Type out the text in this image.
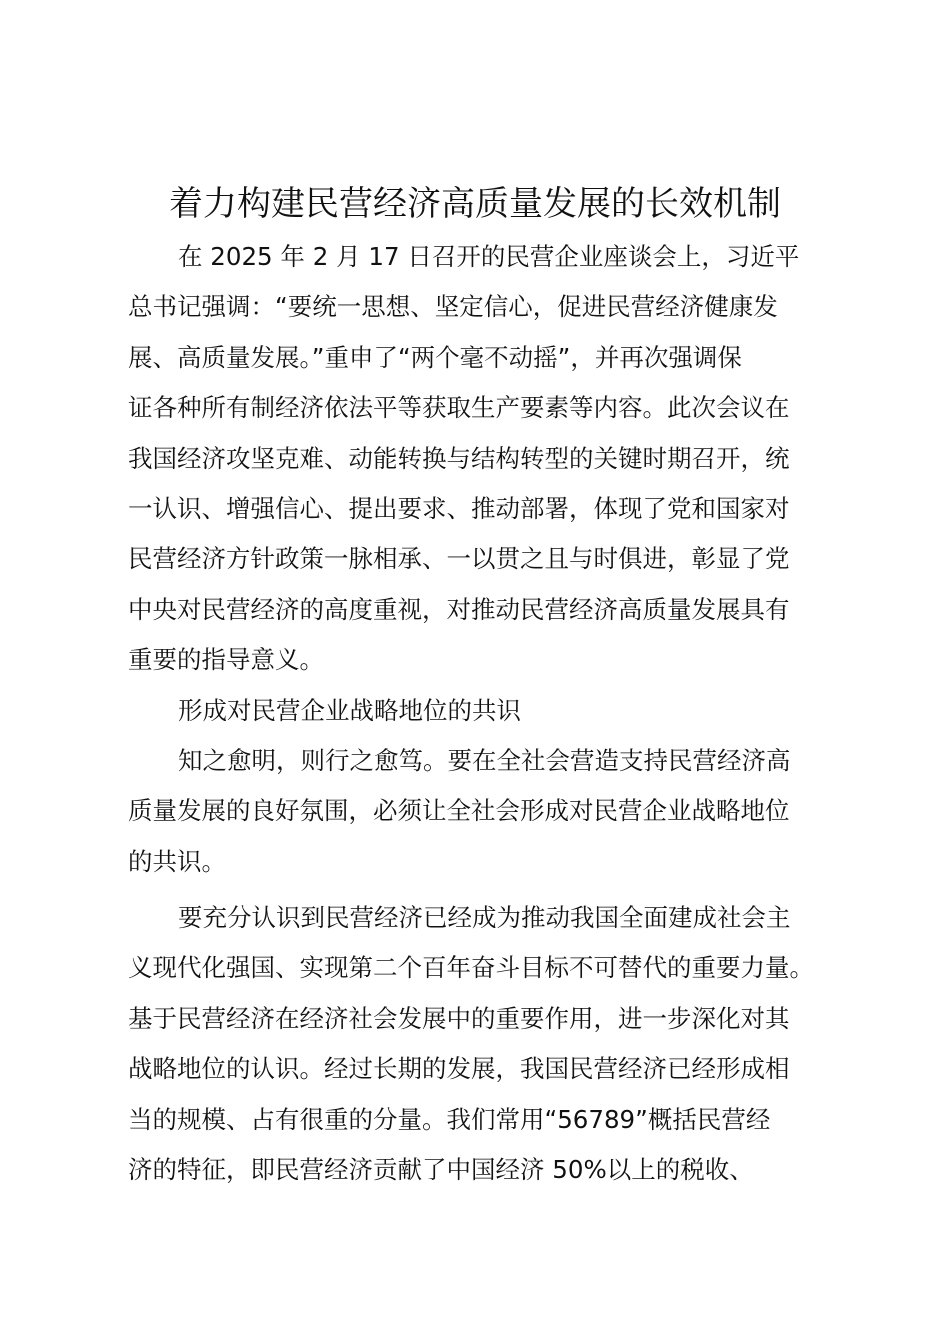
着力构建民营经济高质量发展的长效机制
在 2025 年 2 月 17 日召开的民营企业座谈会上，习近平
总书记强调：“要统一思想、坚定信心，促进民营经济健康发
展、高质量发展。”重申了“两个毫不动摇”，并再次强调保
证各种所有制经济依法平等获取生产要素等内容。此次会议在
我国经济攻坚克难、动能转换与结构转型的关键时期召开，统
一认识、增强信心、提出要求、推动部署，体现了党和国家对
民营经济方针政策一脉相承、一以贯之且与时俱进，彰显了党
中央对民营经济的高度重视，对推动民营经济高质量发展具有
重要的指导意义。
形成对民营企业战略地位的共识
知之愈明，则行之愈笃。要在全社会营造支持民营经济高
质量发展的良好氛围，必须让全社会形成对民营企业战略地位
的共识。
要充分认识到民营经济已经成为推动我国全面建成社会主
义现代化强国、实现第二个百年奋斗目标不可替代的重要力量。
基于民营经济在经济社会发展中的重要作用，进一步深化对其
战略地位的认识。经过长期的发展，我国民营经济已经形成相
当的规模、占有很重的分量。我们常用“56789”概括民营经
济的特征，即民营经济贡献了中国经济 50%以上的税收、
